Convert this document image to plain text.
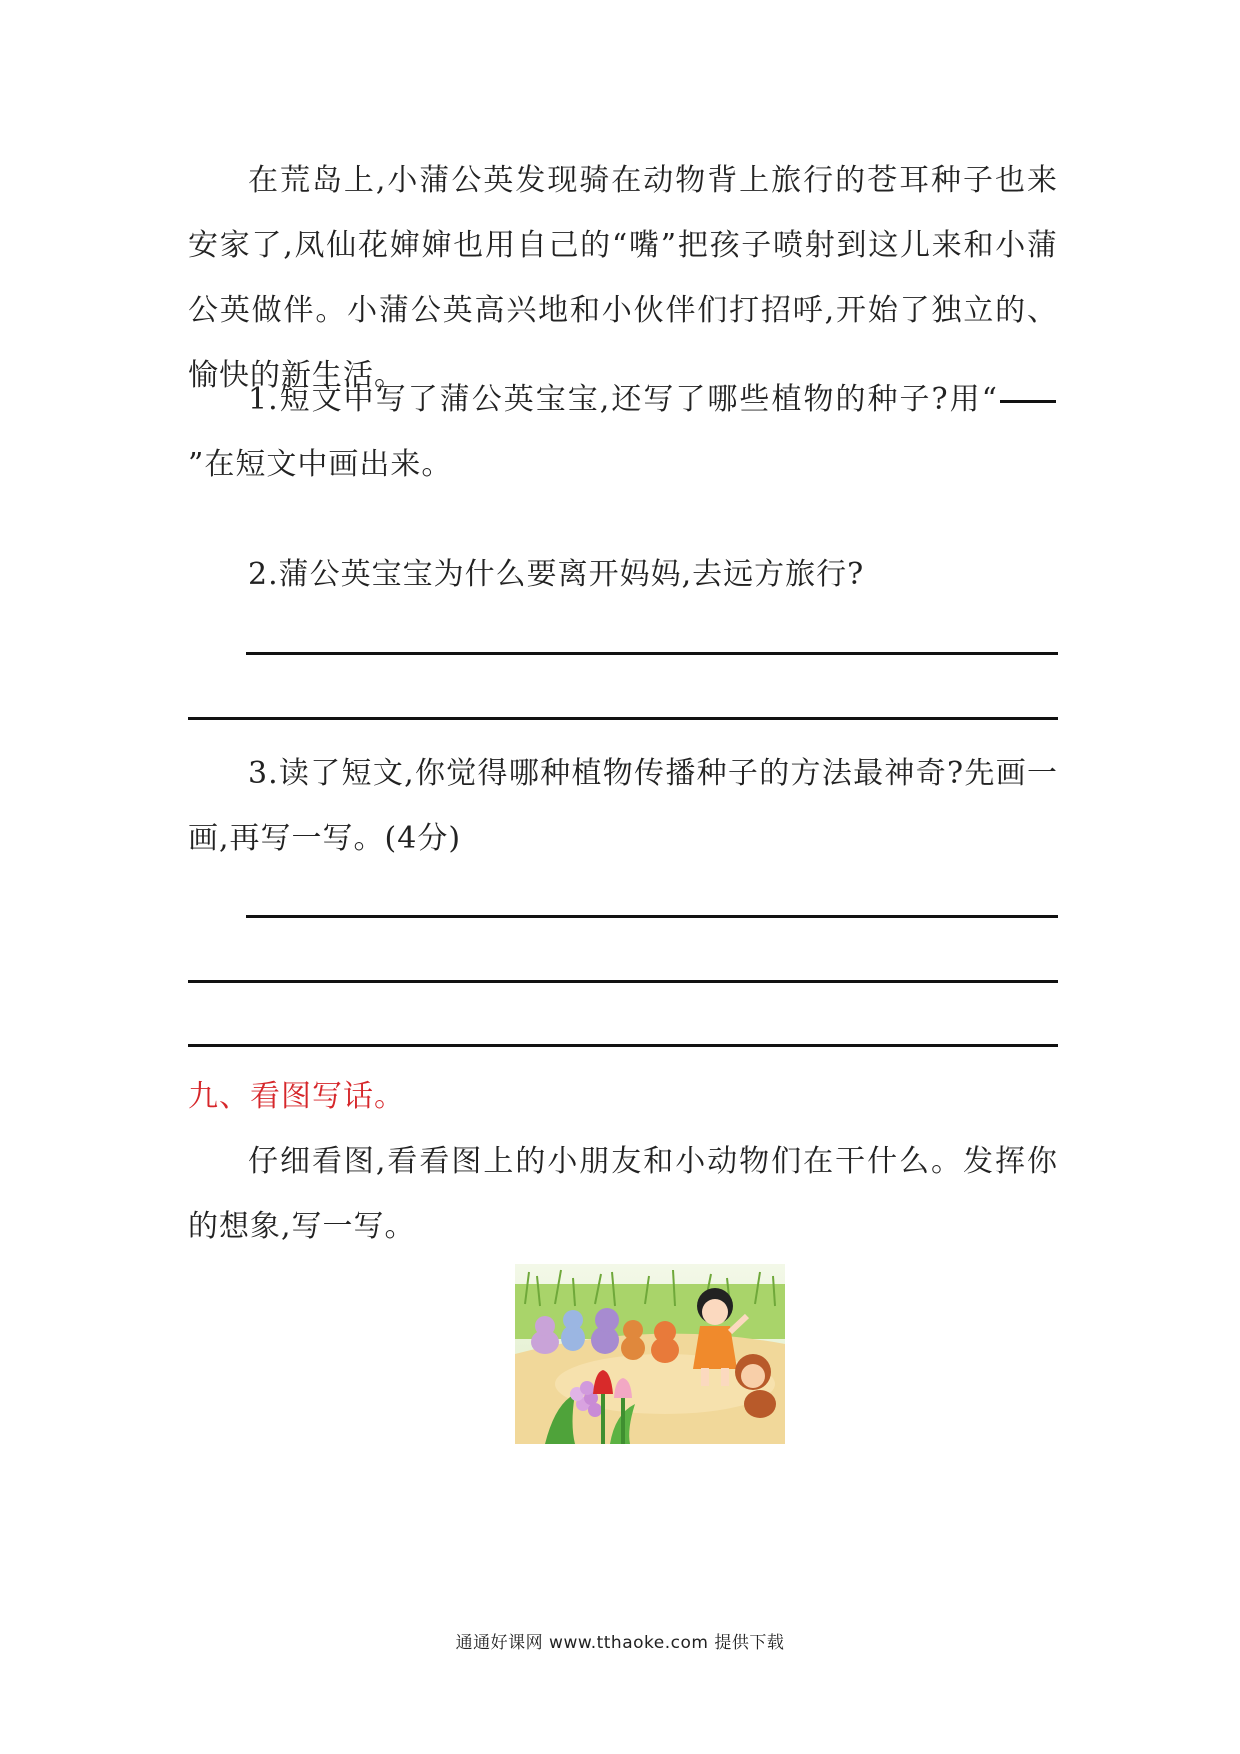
在荒岛上,小蒲公英发现骑在动物背上旅行的苍耳种子也来安家了,凤仙花婶婶也用自己的“嘴”把孩子喷射到这儿来和小蒲公英做伴。小蒲公英高兴地和小伙伴们打招呼,开始了独立的、愉快的新生活。

1.短文中写了蒲公英宝宝,还写了哪些植物的种子?用“”在短文中画出来。

2.蒲公英宝宝为什么要离开妈妈,去远方旅行?

3.读了短文,你觉得哪种植物传播种子的方法最神奇?先画一画,再写一写。(4分)

九、看图写话。

仔细看图,看看图上的小朋友和小动物们在干什么。发挥你的想象,写一写。

通通好课网 www.tthaoke.com 提供下载
